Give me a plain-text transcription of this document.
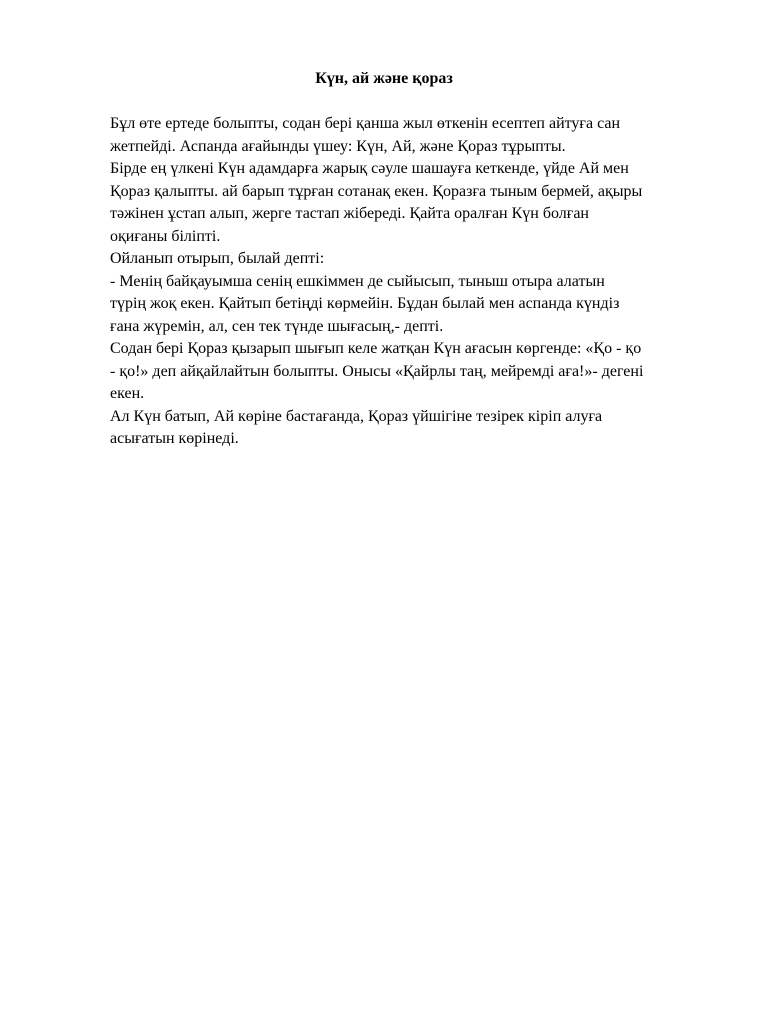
Күн, ай және қораз
Бұл өте ертеде болыпты, содан бері қанша жыл өткенін есептеп айтуға сан
жетпейді. Аспанда ағайынды үшеу: Күн, Ай, және Қораз тұрыпты.
Бірде ең үлкені Күн адамдарға жарық сәуле шашауға кеткенде, үйде Ай мен
Қораз қалыпты. ай барып тұрған сотанақ екен. Қоразға тыным бермей, ақыры
тәжінен ұстап алып, жерге тастап жібереді. Қайта оралған Күн болған
оқиғаны біліпті.
Ойланып отырып, былай депті:
- Менің байқауымша сенің ешкіммен де сыйысып, тыныш отыра алатын
түрің жоқ екен. Қайтып бетіңді көрмейін. Бұдан былай мен аспанда күндіз
ғана жүремін, ал, сен тек түнде шығасың,- депті.
Содан бері Қораз қызарып шығып келе жатқан Күн ағасын көргенде: «Қо - қо
- қо!» деп айқайлайтын болыпты. Онысы «Қайрлы таң, мейремді аға!»- дегені
екен.
Ал Күн батып, Ай көріне бастағанда, Қораз үйшігіне тезірек кіріп алуға
асығатын көрінеді.
